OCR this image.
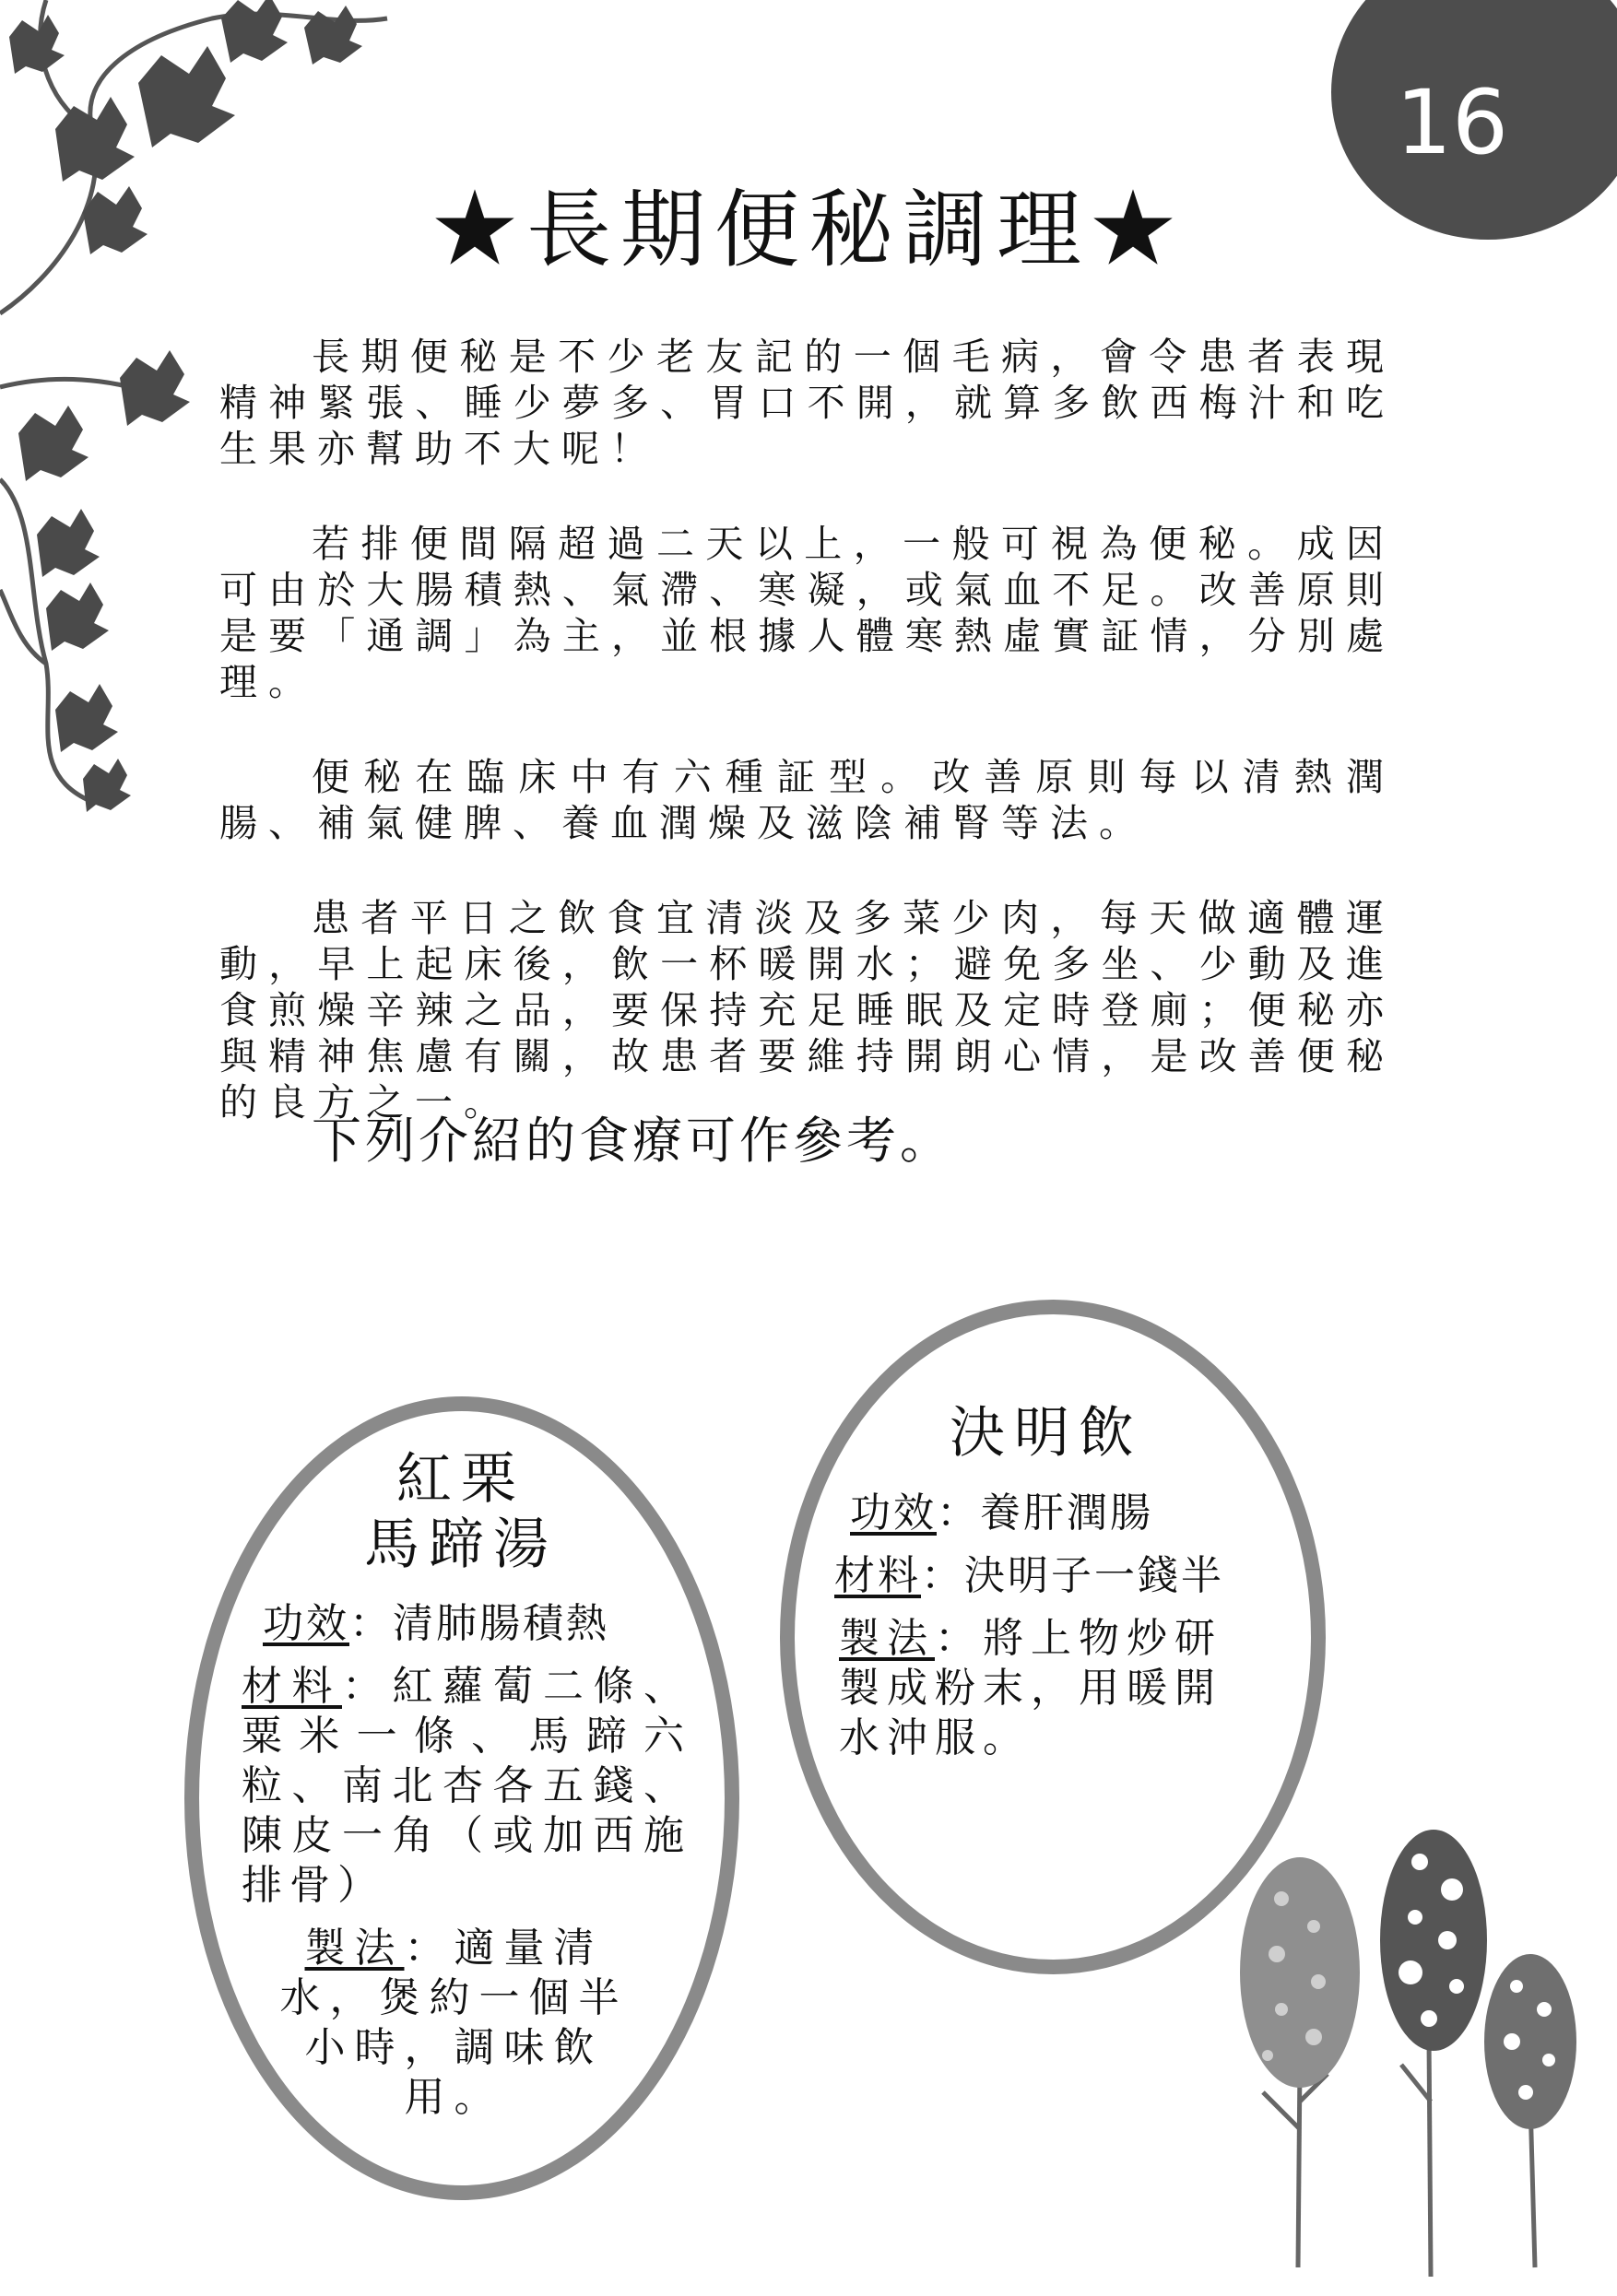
16
★長期便秘調理★

長期便秘是不少老友記的一個毛病，會令患者表現精神緊張、睡少夢多、胃口不開，就算多飲西梅汁和吃生果亦幫助不大呢！

若排便間隔超過二天以上，一般可視為便秘。成因可由於大腸積熱、氣滯、寒凝，或氣血不足。改善原則是要「通調」為主，並根據人體寒熱虛實証情，分別處理。

便秘在臨床中有六種証型。改善原則每以清熱潤腸、補氣健脾、養血潤燥及滋陰補腎等法。

患者平日之飲食宜清淡及多菜少肉，每天做適體運動，早上起床後，飲一杯暖開水；避免多坐、少動及進食煎燥辛辣之品，要保持充足睡眠及定時登廁；便秘亦與精神焦慮有關，故患者要維持開朗心情，是改善便秘的良方之一。

下列介紹的食療可作參考。
紅栗
馬蹄湯

功效：清肺腸積熱

材料：紅蘿蔔二條、粟米一條、馬蹄六粒、南北杏各五錢、陳皮一角（或加西施排骨）

製法：適量清水，煲約一個半小時，調味飲用。

決明飲

功效：養肝潤腸

材料：決明子一錢半

製法：將上物炒研製成粉末，用暖開水沖服。
